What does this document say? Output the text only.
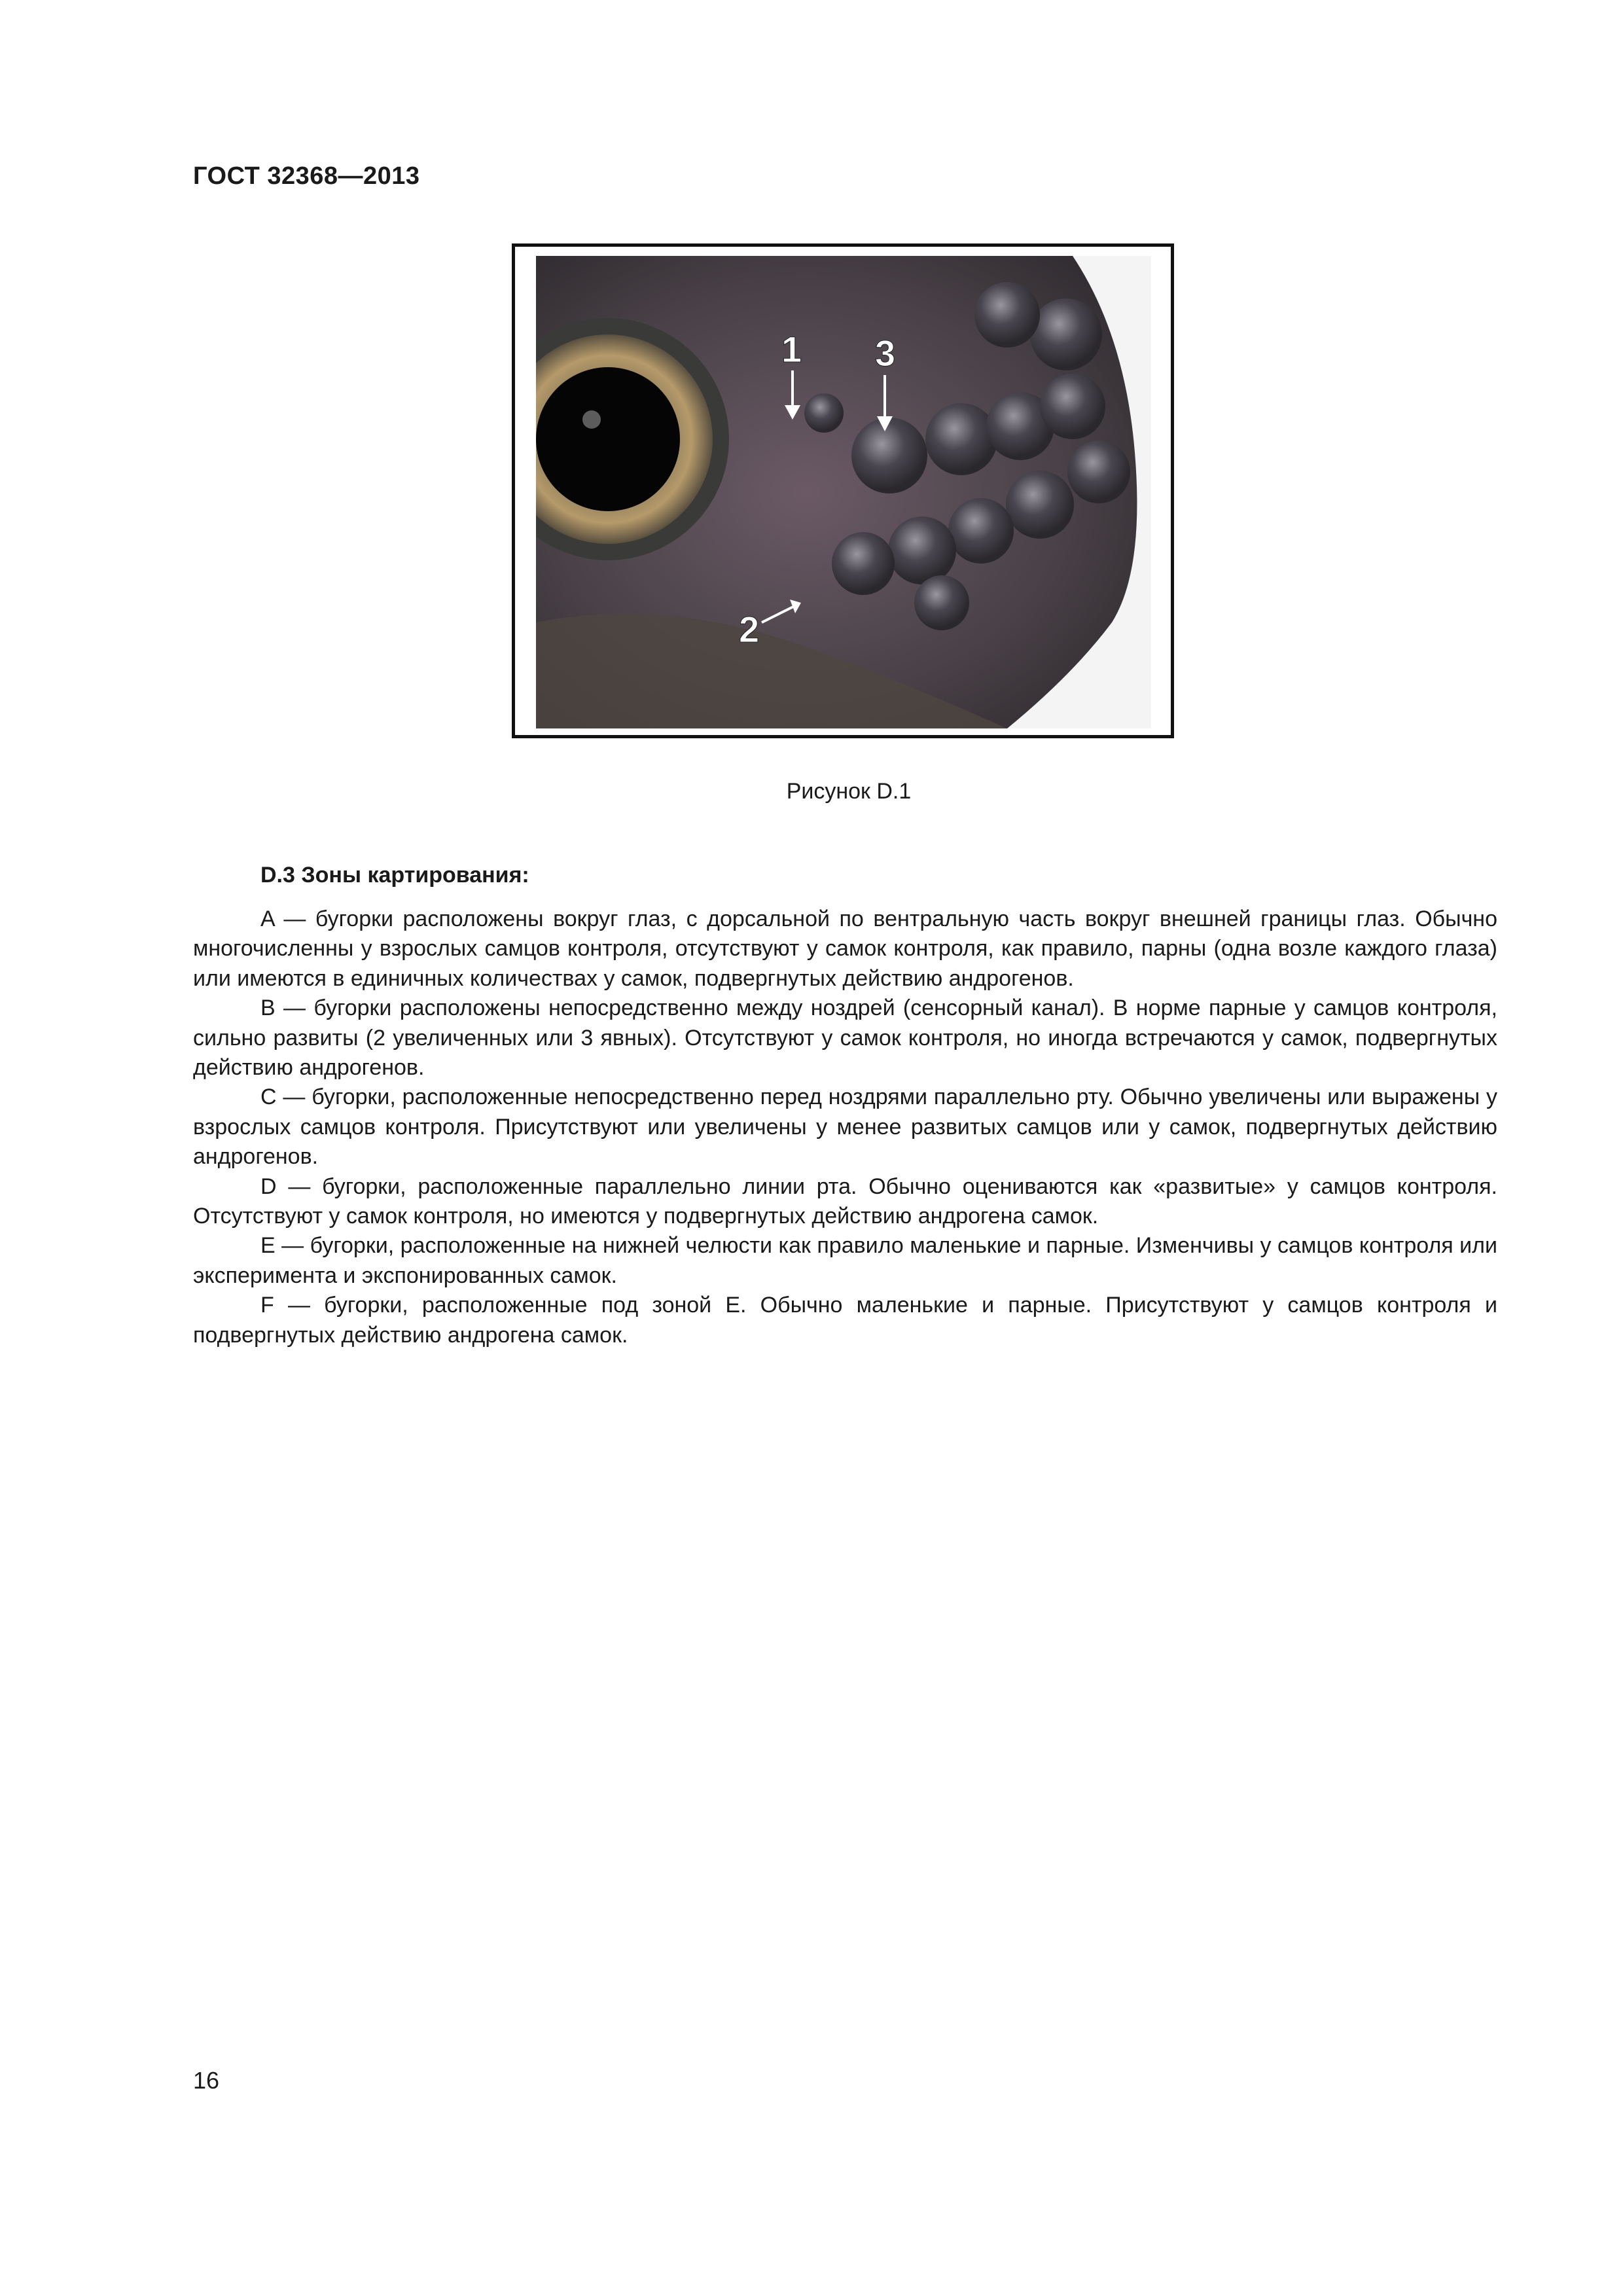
ГОСТ 32368—2013
1 3
2
Рисунок D.1
D.3 Зоны картирования:

A — бугорки расположены вокруг глаз, с дорсальной по вентральную часть вокруг внешней границы глаз. Обычно многочисленны у взрослых самцов контроля, отсутствуют у самок контроля, как правило, парны (одна возле каждого глаза) или имеются в единичных количествах у самок, подвергнутых действию андрогенов.

B — бугорки расположены непосредственно между ноздрей (сенсорный канал). В норме парные у самцов контроля, сильно развиты (2 увеличенных или 3 явных). Отсутствуют у самок контроля, но иногда встречаются у самок, подвергнутых действию андрогенов.

C — бугорки, расположенные непосредственно перед ноздрями параллельно рту. Обычно увеличены или выражены у взрослых самцов контроля. Присутствуют или увеличены у менее развитых самцов или у самок, подвергнутых действию андрогенов.

D — бугорки, расположенные параллельно линии рта. Обычно оцениваются как «развитые» у самцов контроля. Отсутствуют у самок контроля, но имеются у подвергнутых действию андрогена самок.

E — бугорки, расположенные на нижней челюсти как правило маленькие и парные. Изменчивы у самцов контроля или эксперимента и экспонированных самок.

F — бугорки, расположенные под зоной E. Обычно маленькие и парные. Присутствуют у самцов контроля и подвергнутых действию андрогена самок.

16
